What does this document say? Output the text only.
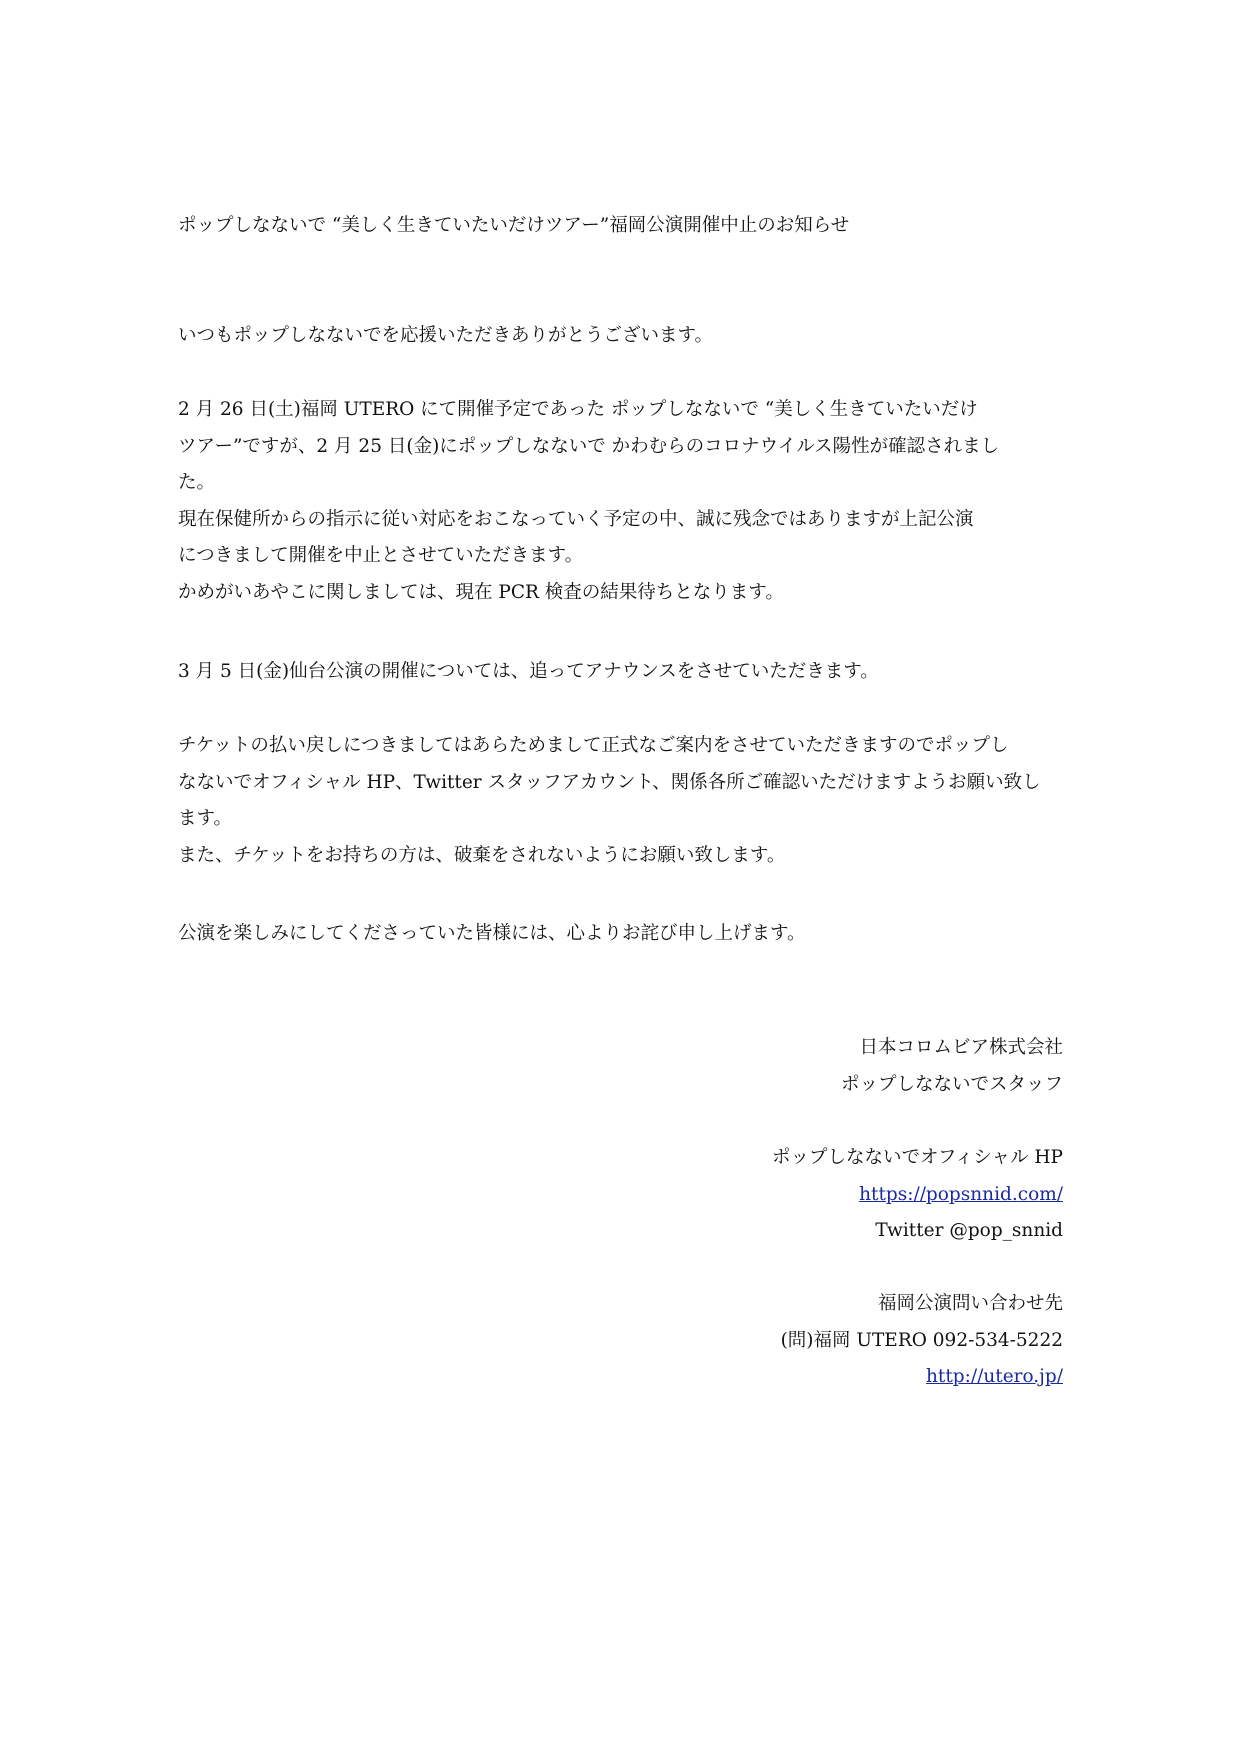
ポップしなないで “美しく生きていたいだけツアー”福岡公演開催中止のお知らせ
いつもポップしなないでを応援いただきありがとうございます。
2 月 26 日(土)福岡 UTERO にて開催予定であった ポップしなないで “美しく生きていたいだけ
ツアー”ですが、2 月 25 日(金)にポップしなないで かわむらのコロナウイルス陽性が確認されまし
た。
現在保健所からの指示に従い対応をおこなっていく予定の中、誠に残念ではありますが上記公演
につきまして開催を中止とさせていただきます。
かめがいあやこに関しましては、現在 PCR 検査の結果待ちとなります。
3 月 5 日(金)仙台公演の開催については、追ってアナウンスをさせていただきます。
チケットの払い戻しにつきましてはあらためまして正式なご案内をさせていただきますのでポップし
なないでオフィシャル HP、Twitter スタッフアカウント、関係各所ご確認いただけますようお願い致し
ます。
また、チケットをお持ちの方は、破棄をされないようにお願い致します。
公演を楽しみにしてくださっていた皆様には、心よりお詫び申し上げます。
日本コロムビア株式会社
ポップしなないでスタッフ
ポップしなないでオフィシャル HP
https://popsnnid.com/
Twitter @pop_snnid
福岡公演問い合わせ先
(問)福岡 UTERO 092-534-5222
http://utero.jp/
